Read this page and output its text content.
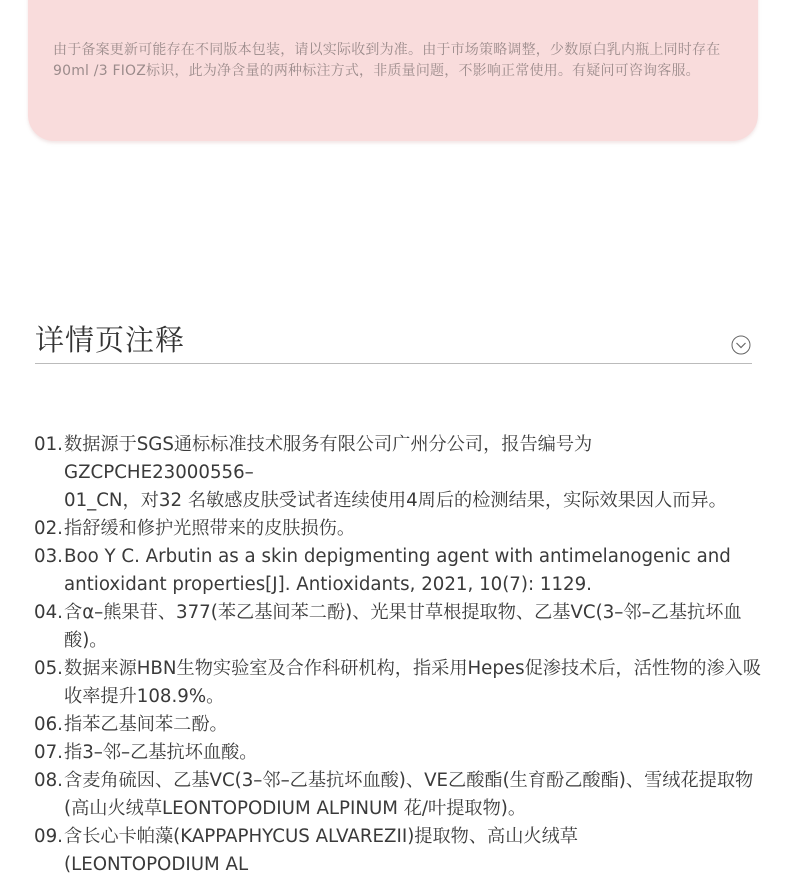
由于备案更新可能存在不同版本包装，请以实际收到为准。由于市场策略调整，少数原白乳内瓶上同时存在90ml /3 FIOZ标识，此为净含量的两种标注方式，非质量问题，不影响正常使用。有疑问可咨询客服。

详情页注释
01. 数据源于SGS通标标准技术服务有限公司广州分公司，报告编号为
GZCPCHE23000556–
01_CN，对32 名敏感皮肤受试者连续使用4周后的检测结果，实际效果因人而异。
02. 指舒缓和修护光照带来的皮肤损伤。
03. Boo Y C. Arbutin as a skin depigmenting agent with antimelanogenic and antioxidant properties[J]. Antioxidants, 2021, 10(7): 1129.
04. 含α–熊果苷、377(苯乙基间苯二酚)、光果甘草根提取物、乙基VC(3–邻–乙基抗坏血酸)。
05. 数据来源HBN生物实验室及合作科研机构，指采用Hepes促渗技术后，活性物的渗入吸收率提升108.9%。
06. 指苯乙基间苯二酚。
07. 指3–邻–乙基抗坏血酸。
08. 含麦角硫因、乙基VC(3–邻–乙基抗坏血酸)、VE乙酸酯(生育酚乙酸酯)、雪绒花提取物(高山火绒草LEONTOPODIUM ALPINUM 花/叶提取物)。
09. 含长心卡帕藻(KAPPAPHYCUS ALVAREZII)提取物、高山火绒草
(LEONTOPODIUM AL
